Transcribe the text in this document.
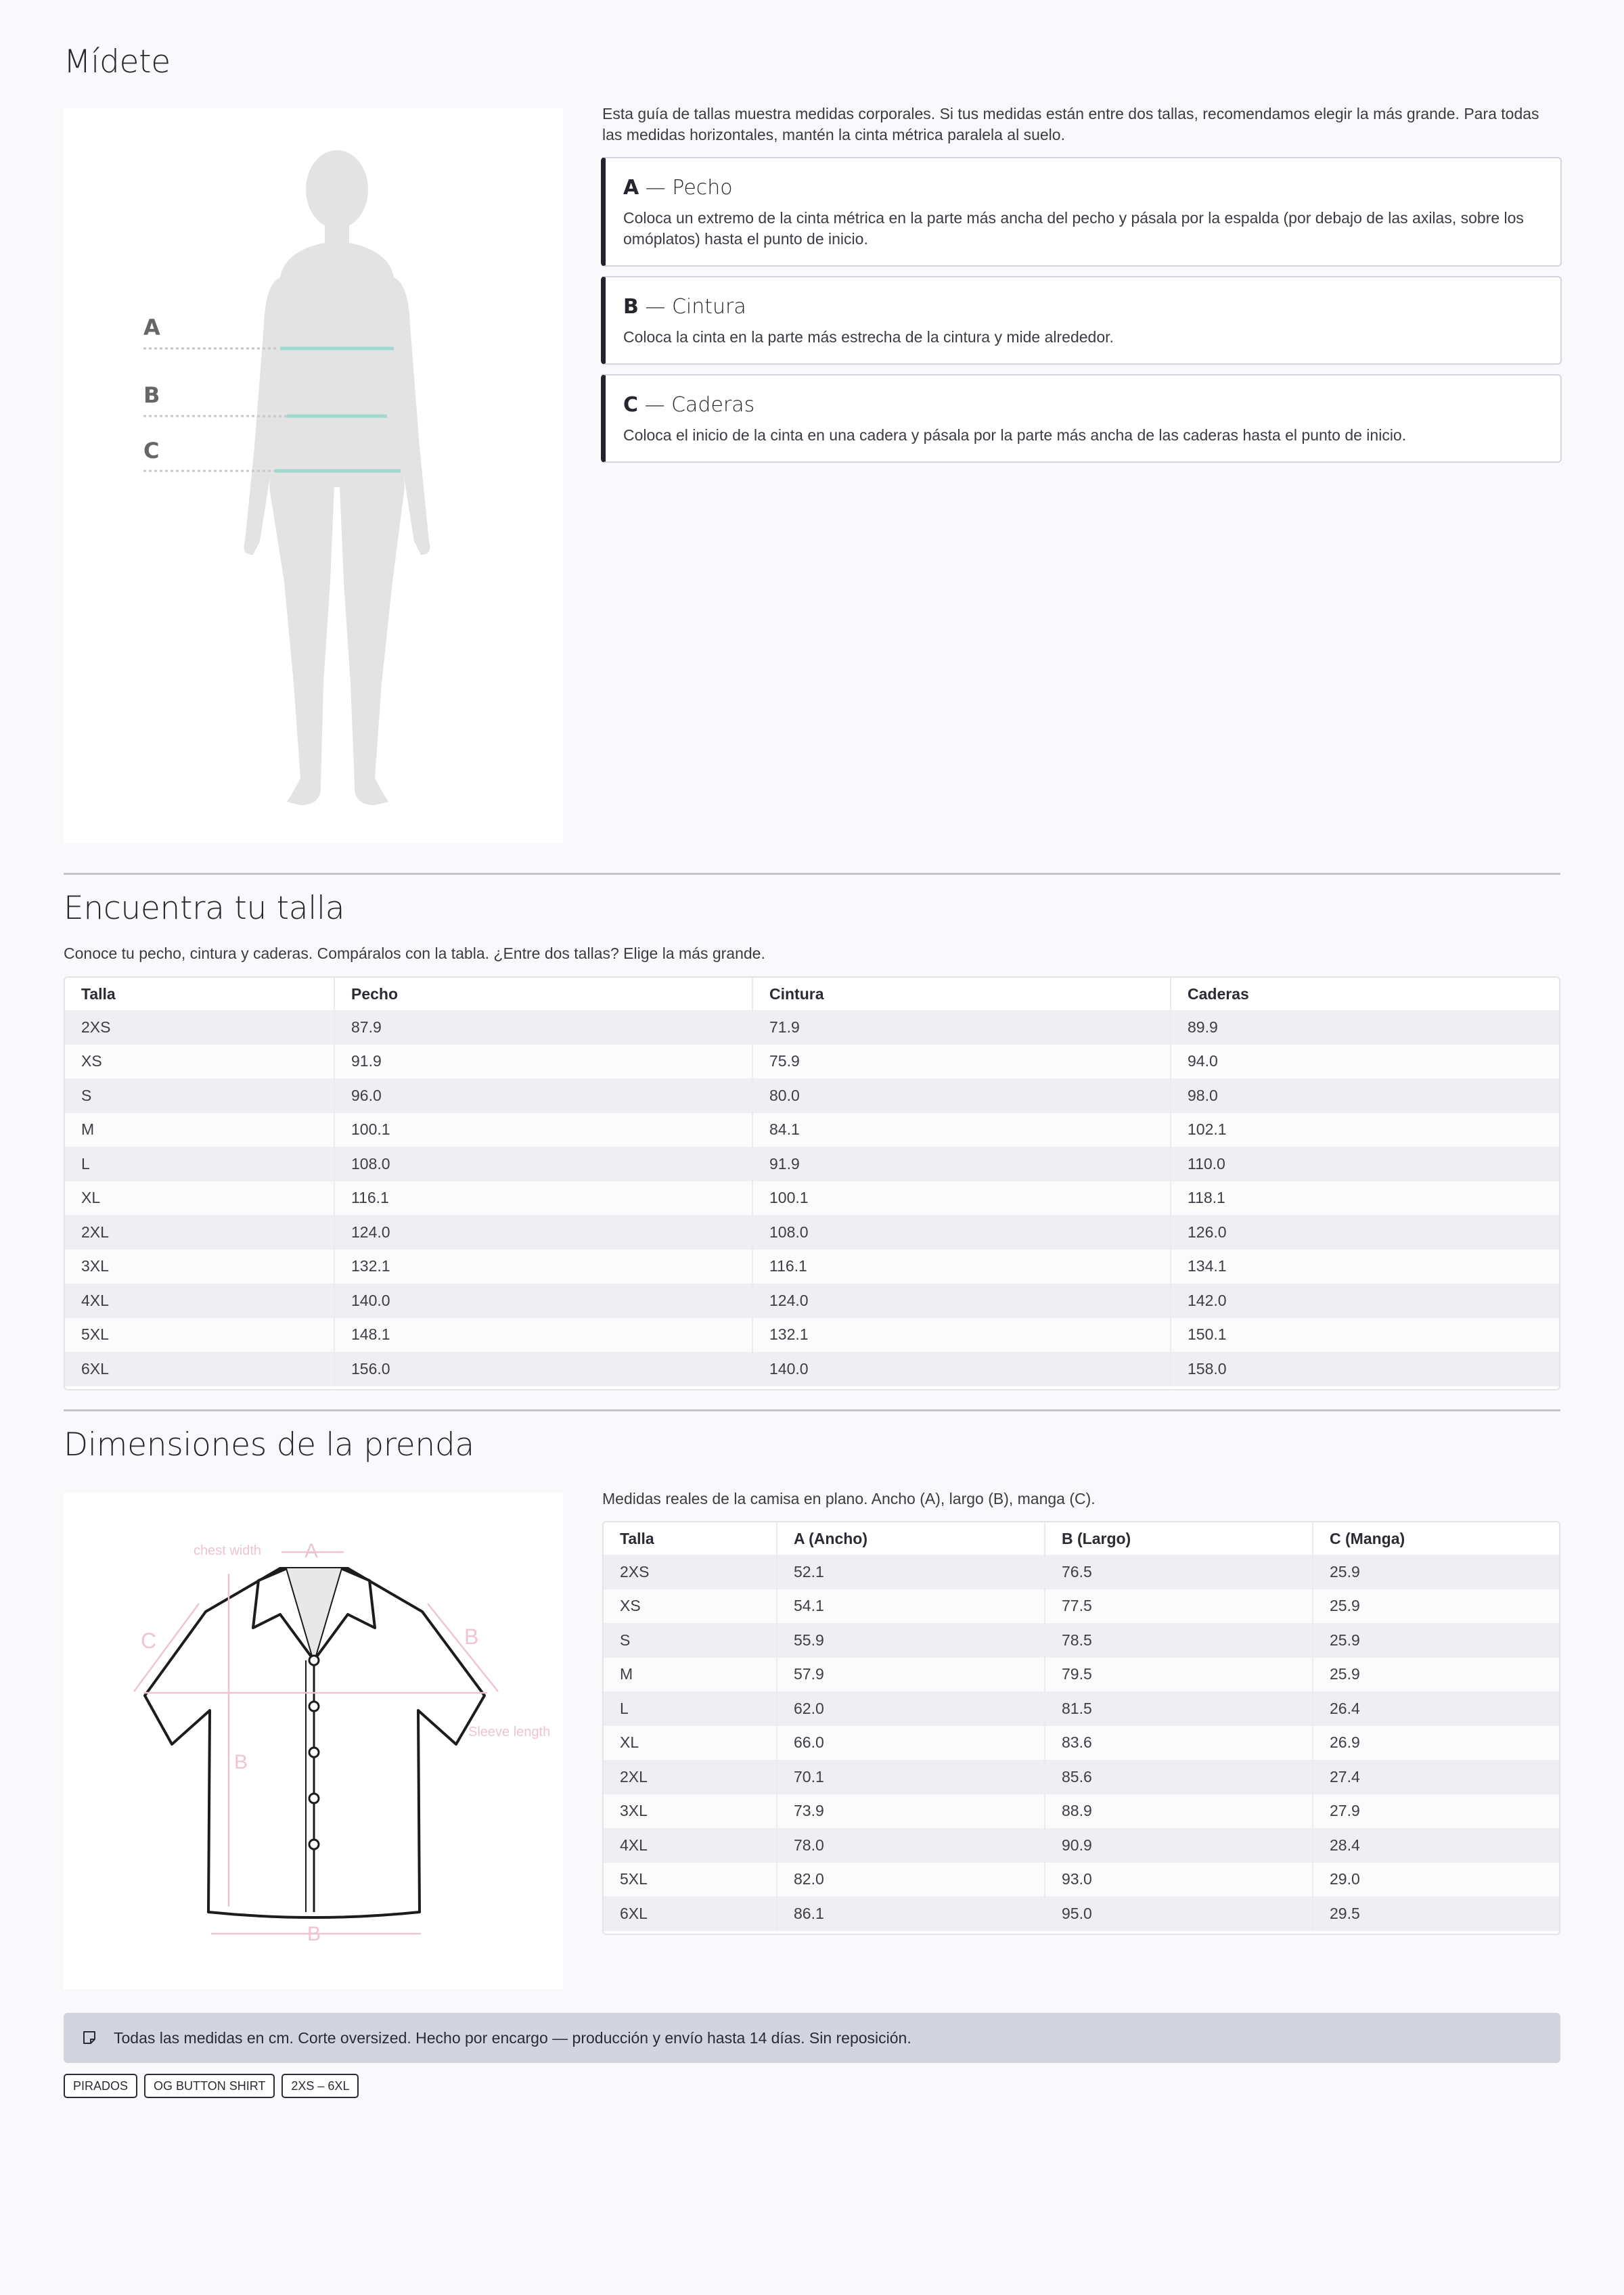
Mídete
A
B
C
Esta guía de tallas muestra medidas corporales. Si tus medidas están entre dos tallas, recomendamos elegir la más grande. Para todas las medidas horizontales, mantén la cinta métrica paralela al suelo.

A — Pecho

Coloca un extremo de la cinta métrica en la parte más ancha del pecho y pásala por la espalda (por debajo de las axilas, sobre los omóplatos) hasta el punto de inicio.

B — Cintura

Coloca la cinta en la parte más estrecha de la cintura y mide alrededor.

C — Caderas

Coloca el inicio de la cinta en una cadera y pásala por la parte más ancha de las caderas hasta el punto de inicio.

Encuentra tu talla
Conoce tu pecho, cintura y caderas. Compáralos con la tabla. ¿Entre dos tallas? Elige la más grande.
Talla	Pecho	Cintura	Caderas
2XS	87.9	71.9	89.9
XS	91.9	75.9	94.0
S	96.0	80.0	98.0
M	100.1	84.1	102.1
L	108.0	91.9	110.0
XL	116.1	100.1	118.1
2XL	124.0	108.0	126.0
3XL	132.1	116.1	134.1
4XL	140.0	124.0	142.0
5XL	148.1	132.1	150.1
6XL	156.0	140.0	158.0
Dimensiones de la prenda
chest width A
C	B
B
B
Sleeve length
Medidas reales de la camisa en plano. Ancho (A), largo (B), manga (C).
Talla	A (Ancho)	B (Largo)	C (Manga)
2XS	52.1	76.5	25.9
XS	54.1	77.5	25.9
S	55.9	78.5	25.9
M	57.9	79.5	25.9
L	62.0	81.5	26.4
XL	66.0	83.6	26.9
2XL	70.1	85.6	27.4
3XL	73.9	88.9	27.9
4XL	78.0	90.9	28.4
5XL	82.0	93.0	29.0
6XL	86.1	95.0	29.5
Todas las medidas en cm. Corte oversized. Hecho por encargo — producción y envío hasta 14 días. Sin reposición.
PIRADOS OG BUTTON SHIRT 2XS – 6XL
